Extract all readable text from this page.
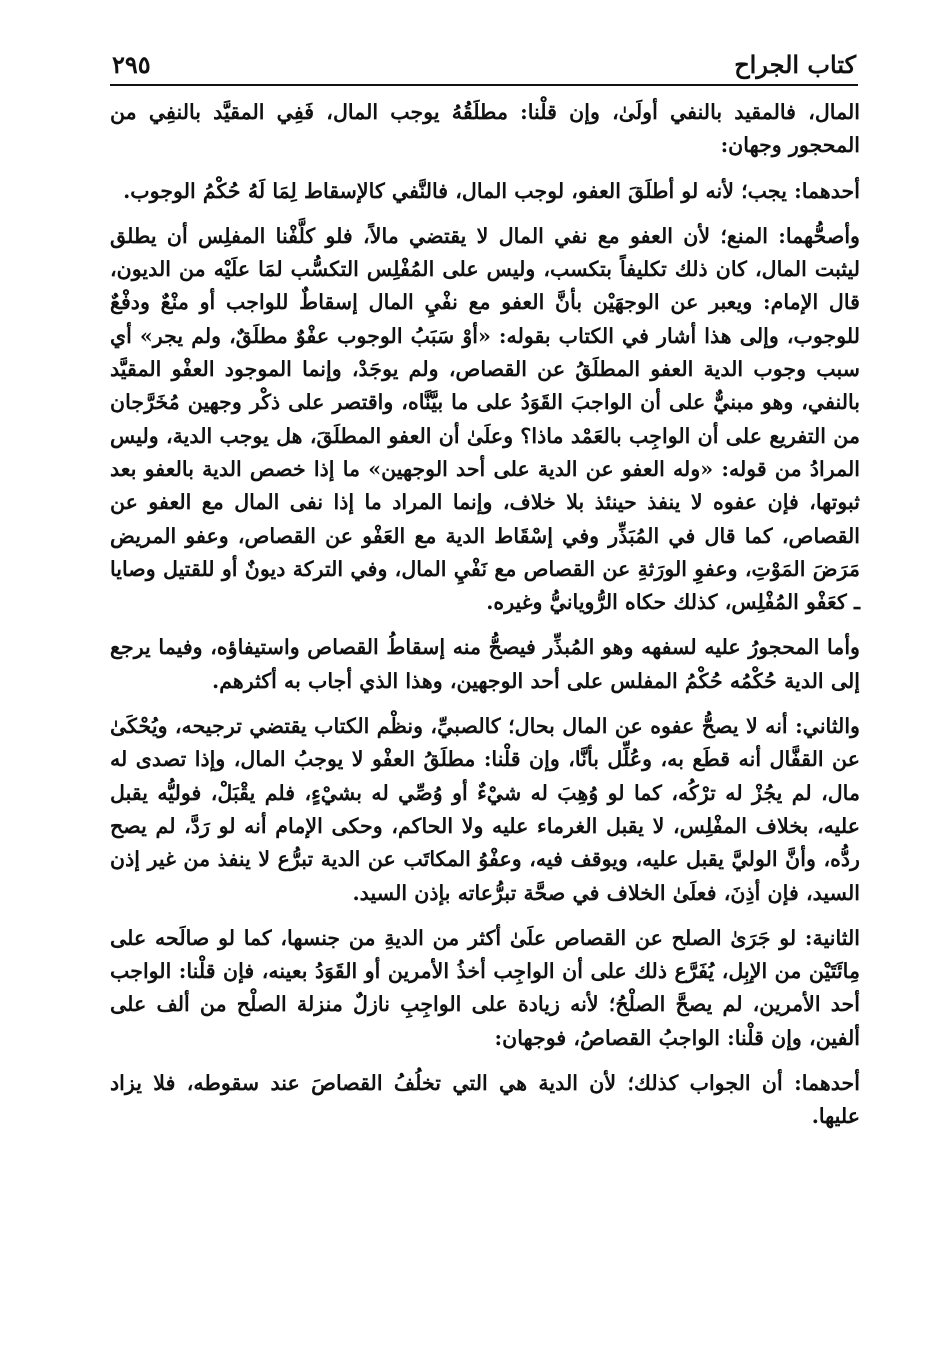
كتاب الجراح
٢٩٥

المال، فالمقيد بالنفي أولَىٰ، وإن قلْنا: مطلَقُهُ يوجب المال، فَفِي المقيَّد بالنفِي من المحجور وجهان:

أحدهما: يجب؛ لأنه لو أطلَقَ العفو، لوجب المال، فالنَّفي كالإسقاط لِمَا لَهُ حُكْمُ الوجوب.

وأصحُّهما: المنع؛ لأن العفو مع نفي المال لا يقتضي مالاً، فلو كلَّفْنا المفلِس أن يطلق ليثبت المال، كان ذلك تكليفاً بتكسب، وليس على المُفْلِس التكسُّب لمَا علَيْه من الديون، قال الإمام: ويعبر عن الوجهَيْن بأنَّ العفو مع نفْيِ المال إسقاطٌ للواجب أو منْعٌ ودفْعٌ للوجوب، وإلى هذا أشار في الكتاب بقوله: «أوْ سَبَبُ الوجوب عفْوٌ مطلَقٌ، ولم يجر» أي سبب وجوب الدية العفو المطلَقُ عن القصاص، ولم يوجَدْ، وإنما الموجود العفْو المقيَّد بالنفي، وهو مبنيٌّ على أن الواجبَ القَوَدُ على ما بيَّنَّاه، واقتصر على ذكْر وجهين مُخَرَّجان من التفريع على أن الواجِب بالعَمْد ماذا؟ وعلَىٰ أن العفو المطلَقَ، هل يوجب الدية، وليس المرادُ من قوله: «وله العفو عن الدية على أحد الوجهين» ما إذا خصص الدية بالعفو بعد ثبوتها، فإن عفوه لا ينفذ حينئذ بلا خلاف، وإنما المراد ما إذا نفى المال مع العفو عن القصاص، كما قال في المُبَذِّر وفي إسْقَاط الدية مع العَفْو عن القصاص، وعفو المريض مَرَضَ المَوْتِ، وعفوِ الورَثةِ عن القصاص مع نَفْيِ المال، وفي التركة ديونٌ أو للقتيل وصايا ـ كعَفْو المُفْلِس، كذلك حكاه الرُّويانيُّ وغيره.

وأما المحجورُ عليه لسفهه وهو المُبذِّر فيصحُّ منه إسقاطُ القصاص واستيفاؤه، وفيما يرجع إلى الدية حُكْمُه حُكْمُ المفلس على أحد الوجهين، وهذا الذي أجاب به أكثرهم.

والثاني: أنه لا يصحُّ عفوه عن المال بحال؛ كالصبيِّ، ونظْم الكتاب يقتضي ترجيحه، ويُحْكَىٰ عن القفَّال أنه قطَع به، وعُلِّل بأنَّا، وإن قلْنا: مطلَقُ العفْو لا يوجبُ المال، وإذا تصدى له مال، لم يجُزْ له ترْكُه، كما لو وُهِبَ له شيْءٌ أو وُصِّي له بشيْءٍ، فلم يقْبَلْ، فوليُّه يقبل عليه، بخلاف المفْلِس، لا يقبل الغرماء عليه ولا الحاكم، وحكى الإمام أنه لو رَدَّ، لم يصح ردُّه، وأنَّ الوليَّ يقبل عليه، ويوقف فيه، وعفْوُ المكاتَب عن الدية تبرُّع لا ينفذ من غير إذن السيد، فإن أذِنَ، فعلَىٰ الخلاف في صحَّة تبرُّعاته بإذن السيد.

الثانية: لو جَرَىٰ الصلح عن القصاص علَىٰ أكثر من الديةِ من جنسها، كما لو صالَحه على مِائَتَيْن من الإبِل، يُفَرَّع ذلك على أن الواجِب أخذُ الأمرين أو القَوَدُ بعينه، فإن قلْنا: الواجب أحد الأمرين، لم يصحَّ الصلْحُ؛ لأنه زيادة على الواجِبِ نازلٌ منزلة الصلْح من ألف على ألفين، وإن قلْنا: الواجبُ القصاصُ، فوجهان:

أحدهما: أن الجواب كذلك؛ لأن الدية هي التي تخلُفُ القصاصَ عند سقوطه، فلا يزاد عليها.
